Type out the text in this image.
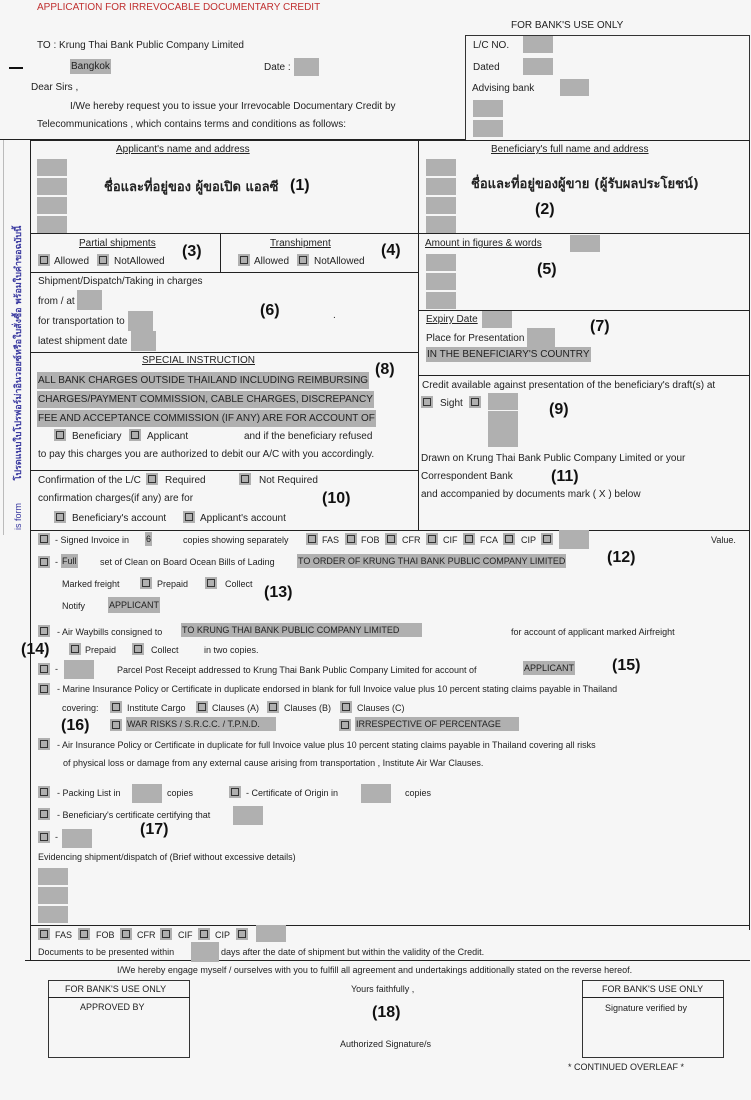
APPLICATION FOR IRREVOCABLE DOCUMENTARY CREDIT
TO : Krung Thai Bank Public Company Limited
Bangkok	Date :
Dear Sirs ,
I/We hereby request you to issue your Irrevocable Documentary Credit by
Telecommunications , which contains terms and conditions as follows:
FOR BANK'S USE ONLY
L/C NO.
Dated
Advising bank
is form โปรดแนบใบโปรฟอร์ม่าอินวอยซ์หรือใบสั่งซื้อ พร้อมใบคำขอฉบับนี้
Applicant's name and address
ชื่อและที่อยู่ของ ผู้ขอเปิด แอลซี (1)
Beneficiary's full name and address
ชื่อและที่อยู่ของผู้ขาย (ผู้รับผลประโยชน์)
(2)
Partial shipments
Allowed NotAllowed
(3)	Transhipment
Allowed NotAllowed
(4) Amount in figures & words
(5)
Shipment/Dispatch/Taking in charges
from / at
for transportation to
latest shipment date
(6)	.	Expiry Date
Place for Presentation
IN THE BENEFICIARY'S COUNTRY
(7)
SPECIAL INSTRUCTION
(8)
ALL BANK CHARGES OUTSIDE THAILAND INCLUDING REIMBURSING
CHARGES/PAYMENT COMMISSION, CABLE CHARGES, DISCREPANCY
FEE AND ACCEPTANCE COMMISSION (IF ANY) ARE FOR ACCOUNT OF
Beneficiary	Applicant	and if the beneficiary refused
to pay this charges you are authorized to debit our A/C with you accordingly.
Credit available against presentation of the beneficiary's draft(s) at
Sight	(9)
Drawn on Krung Thai Bank Public Company Limited or your
Correspondent Bank (11)
and accompanied by documents mark ( X ) below
Confirmation of the L/C Required	Not Required
confirmation charges(if any) are for	(10)
Beneficiary's account	Applicant's account
- Signed Invoice in 6	copies showing separately	FAS FOB CFR	CIF	FCA	CIP	Value.
- Full	set of Clean on Board Ocean Bills of Lading	TO ORDER OF KRUNG THAI BANK PUBLIC COMPANY LIMITED	(12)
Marked freight	Prepaid	Collect (13)
Notify	APPLICANT
- Air Waybills consigned to TO KRUNG THAI BANK PUBLIC COMPANY LIMITED	for account of applicant marked Airfreight
(14)	Prepaid	Collect	in two copies.
-	Parcel Post Receipt addressed to Krung Thai Bank Public Company Limited for account of	APPLICANT (15)
- Marine Insurance Policy or Certificate in duplicate endorsed in blank for full Invoice value plus 10 percent stating claims payable in Thailand
covering:	Institute Cargo	Clauses (A)	Clauses (B)	Clauses (C)
(16)	WAR RISKS / S.R.C.C. / T.P.N.D.	IRRESPECTIVE OF PERCENTAGE
- Air Insurance Policy or Certificate in duplicate for full Invoice value plus 10 percent stating claims payable in Thailand covering all risks
of physical loss or damage from any external cause arising from transportation , Institute Air War Clauses.
- Packing List in	copies	- Certificate of Origin in	copies
- Beneficiary's certificate certifying that
-	(17)
Evidencing shipment/dispatch of (Brief without excessive details)
FAS	FOB CFR	CIF	CIP
Documents to be presented within	days after the date of shipment but within the validity of the Credit.
I/We hereby engage myself / ourselves with you to fulfill all agreement and undertakings additionally stated on the reverse hereof.
FOR BANK'S USE ONLY
APPROVED BY
Yours faithfully ,
(18)
Authorized Signature/s
FOR BANK'S USE ONLY
Signature verified by
* CONTINUED OVERLEAF *
